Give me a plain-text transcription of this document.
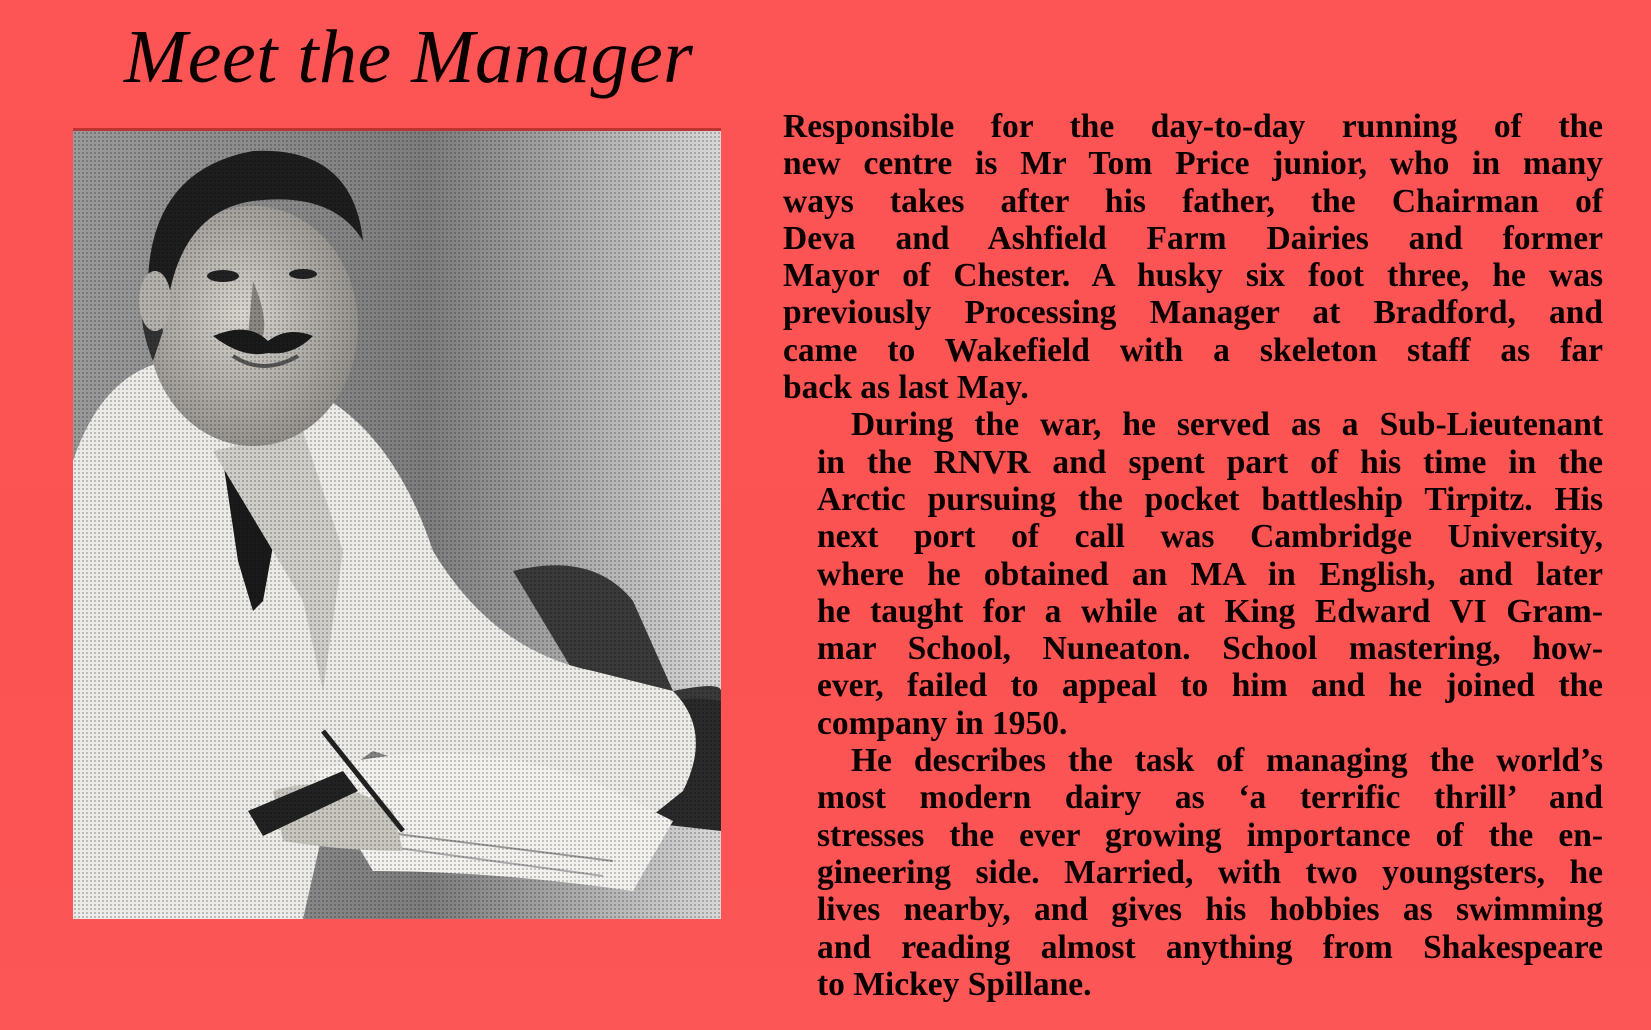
Meet the Manager

Responsible for the day-to-day running of the
new centre is Mr Tom Price junior, who in many
ways takes after his father, the Chairman of
Deva and Ashfield Farm Dairies and former
Mayor of Chester. A husky six foot three, he was
previously Processing Manager at Bradford, and
came to Wakefield with a skeleton staff as far
back as last May.

During the war, he served as a Sub-Lieutenant
in the RNVR and spent part of his time in the
Arctic pursuing the pocket battleship Tirpitz. His
next port of call was Cambridge University,
where he obtained an MA in English, and later
he taught for a while at King Edward VI Gram-
mar School, Nuneaton. School mastering, how-
ever, failed to appeal to him and he joined the
company in 1950.

He describes the task of managing the world’s
most modern dairy as ‘a terrific thrill’ and
stresses the ever growing importance of the en-
gineering side. Married, with two youngsters, he
lives nearby, and gives his hobbies as swimming
and reading almost anything from Shakespeare
to Mickey Spillane.
